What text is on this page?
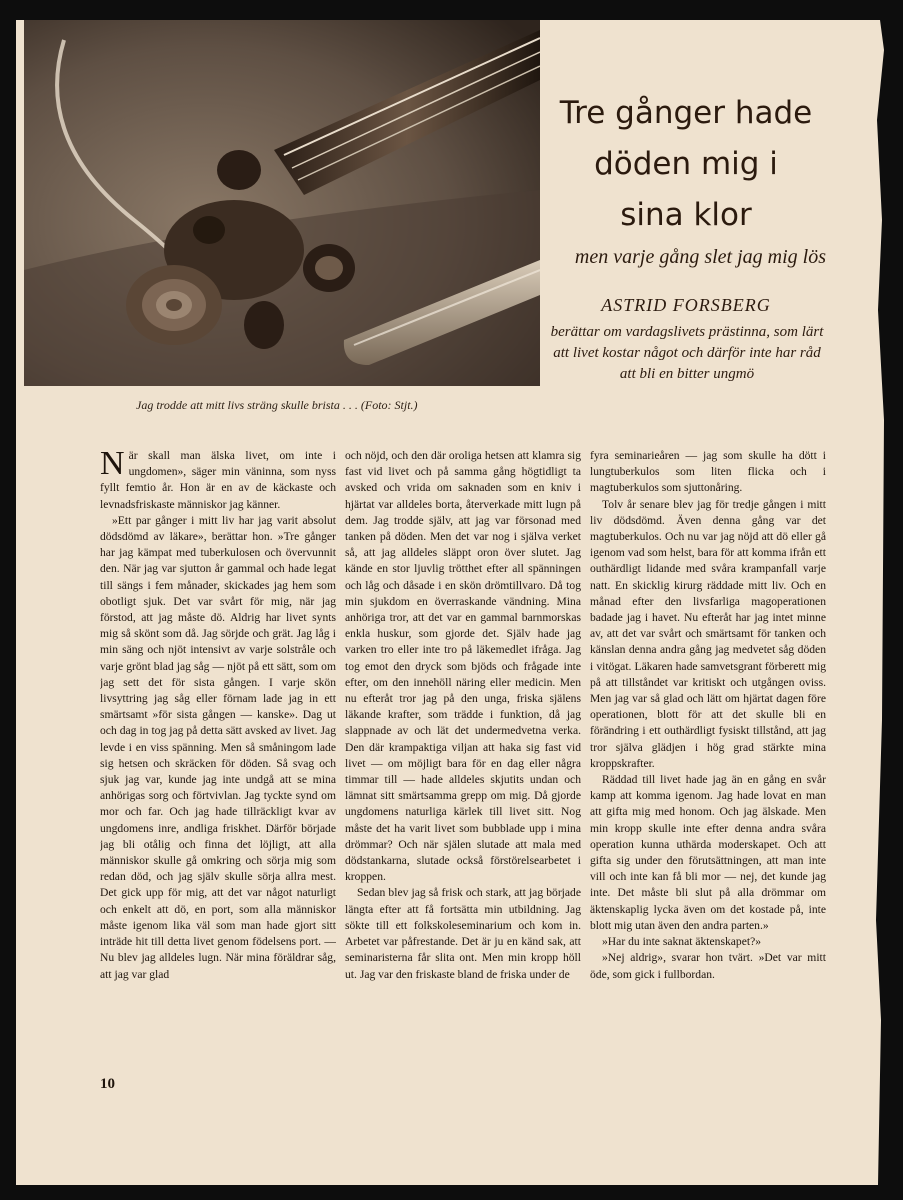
Jag trodde att mitt livs sträng skulle brista . . . (Foto: Stjt.)
Tre gånger hade
döden mig i
sina klor
men varje gång slet jag mig lös
ASTRID FORSBERG
berättar om vardagslivets prästinna, som lärt att livet kostar något och därför inte har råd att bli en bitter ungmö

När skall man älska livet, om inte i ungdomen», säger min väninna, som nyss fyllt femtio år. Hon är en av de käckaste och levnadsfriskaste människor jag känner.

»Ett par gånger i mitt liv har jag varit absolut dödsdömd av läkare», berättar hon. »Tre gånger har jag kämpat med tuberkulosen och övervunnit den. När jag var sjutton år gammal och hade legat till sängs i fem månader, skickades jag hem som obotligt sjuk. Det var svårt för mig, när jag förstod, att jag måste dö. Aldrig har livet synts mig så skönt som då. Jag sörjde och grät. Jag låg i min säng och njöt intensivt av varje solstråle och varje grönt blad jag såg — njöt på ett sätt, som om jag sett det för sista gången. I varje skön livsyttring jag såg eller förnam lade jag in ett smärtsamt »för sista gången — kanske». Dag ut och dag in tog jag på detta sätt avsked av livet. Jag levde i en viss spänning. Men så småningom lade sig hetsen och skräcken för döden. Så svag och sjuk jag var, kunde jag inte undgå att se mina anhörigas sorg och förtvivlan. Jag tyckte synd om mor och far. Och jag hade tillräckligt kvar av ungdomens inre, andliga friskhet. Därför började jag bli otålig och finna det löjligt, att alla människor skulle gå omkring och sörja mig som redan död, och jag själv skulle sörja allra mest. Det gick upp för mig, att det var något naturligt och enkelt att dö, en port, som alla människor måste igenom lika väl som man hade gjort sitt inträde hit till detta livet genom födelsens port. — Nu blev jag alldeles lugn. När mina föräldrar såg, att jag var glad

och nöjd, och den där oroliga hetsen att klamra sig fast vid livet och på samma gång högtidligt ta avsked och vrida om saknaden som en kniv i hjärtat var alldeles borta, återverkade mitt lugn på dem. Jag trodde själv, att jag var försonad med tanken på döden. Men det var nog i själva verket så, att jag alldeles släppt oron över slutet. Jag kände en stor ljuvlig trötthet efter all spänningen och låg och dåsade i en skön drömtillvaro. Då tog min sjukdom en överraskande vändning. Mina anhöriga tror, att det var en gammal barnmorskas enkla huskur, som gjorde det. Själv hade jag varken tro eller inte tro på läkemedlet ifråga. Jag tog emot den dryck som bjöds och frågade inte efter, om den innehöll näring eller medicin. Men nu efteråt tror jag på den unga, friska själens läkande krafter, som trädde i funktion, då jag slappnade av och lät det undermedvetna verka. Den där krampaktiga viljan att haka sig fast vid livet — om möjligt bara för en dag eller några timmar till — hade alldeles skjutits undan och lämnat sitt smärtsamma grepp om mig. Då gjorde ungdomens naturliga kärlek till livet sitt. Nog måste det ha varit livet som bubblade upp i mina drömmar? Och när själen slutade att mala med dödstankarna, slutade också förstörelsearbetet i kroppen.

Sedan blev jag så frisk och stark, att jag började längta efter att få fortsätta min utbildning. Jag sökte till ett folkskoleseminarium och kom in. Arbetet var påfrestande. Det är ju en känd sak, att seminaristerna får slita ont. Men min kropp höll ut. Jag var den friskaste bland de friska under de

fyra seminarieåren — jag som skulle ha dött i lungtuberkulos som liten flicka och i magtuberkulos som sjuttonåring.

Tolv år senare blev jag för tredje gången i mitt liv dödsdömd. Även denna gång var det magtuberkulos. Och nu var jag nöjd att dö eller gå igenom vad som helst, bara för att komma ifrån ett outhärdligt lidande med svåra krampanfall varje natt. En skicklig kirurg räddade mitt liv. Och en månad efter den livsfarliga magoperationen badade jag i havet. Nu efteråt har jag intet minne av, att det var svårt och smärtsamt för tanken och känslan denna andra gång jag medvetet såg döden i vitögat. Läkaren hade samvetsgrant förberett mig på att tillståndet var kritiskt och utgången oviss. Men jag var så glad och lätt om hjärtat dagen före operationen, blott för att det skulle bli en förändring i ett outhärdligt fysiskt tillstånd, att jag tror själva glädjen i hög grad stärkte mina kroppskrafter.

Räddad till livet hade jag än en gång en svår kamp att komma igenom. Jag hade lovat en man att gifta mig med honom. Och jag älskade. Men min kropp skulle inte efter denna andra svåra operation kunna uthärda moderskapet. Och att gifta sig under den förutsättningen, att man inte vill och inte kan få bli mor — nej, det kunde jag inte. Det måste bli slut på alla drömmar om äktenskaplig lycka även om det kostade på, inte blott mig utan även den andra parten.»

»Har du inte saknat äktenskapet?»

»Nej aldrig», svarar hon tvärt. »Det var mitt öde, som gick i fullbordan.

10
